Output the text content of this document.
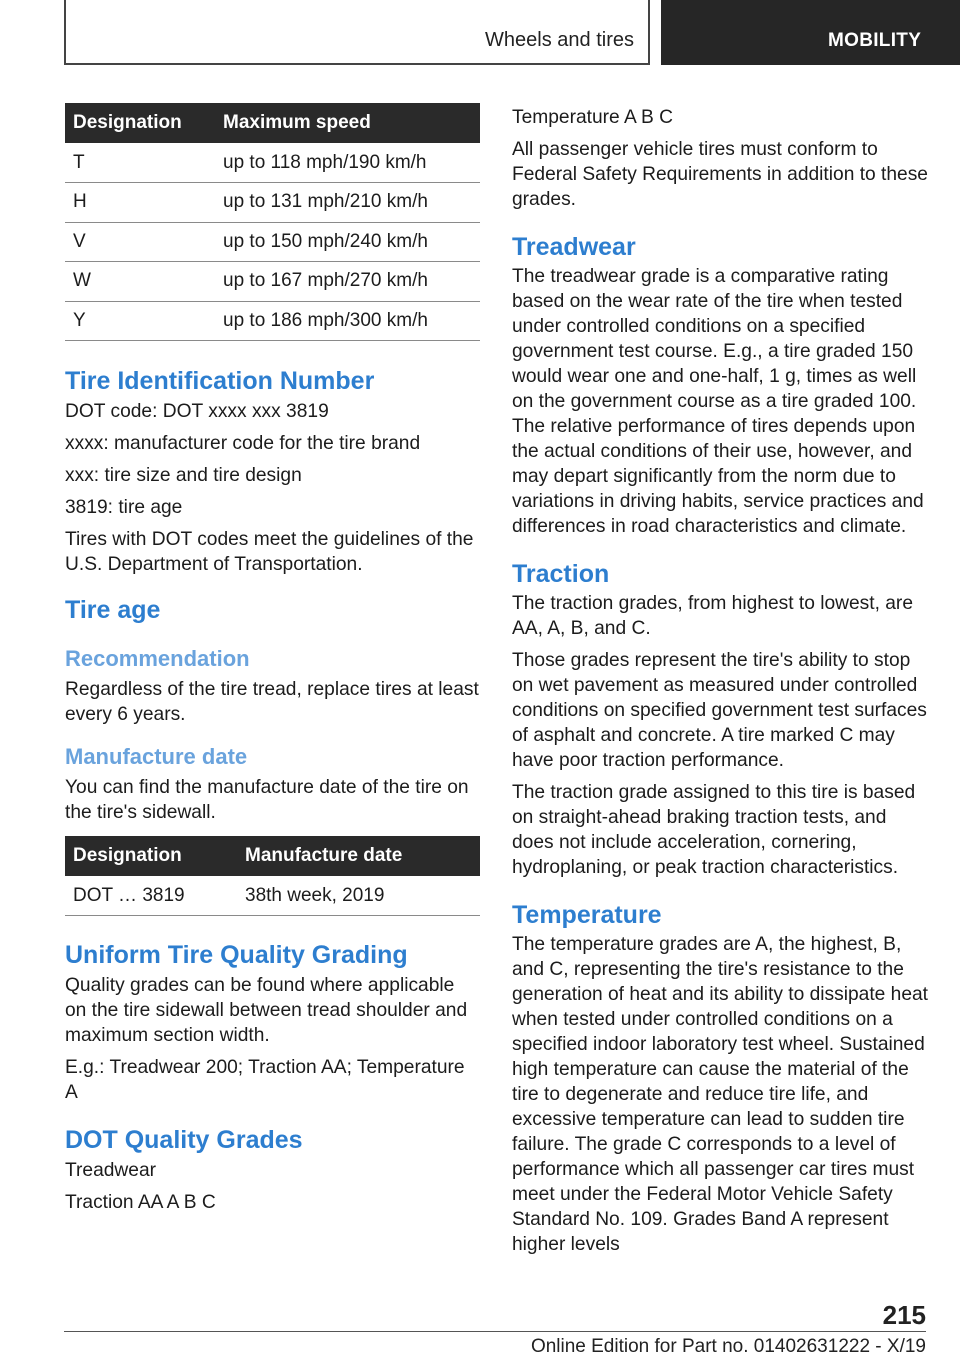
Wheels and tires	MOBILITY
Designation	Maximum speed
T	up to 118 mph/190 km/h
H	up to 131 mph/210 km/h
V	up to 150 mph/240 km/h
W	up to 167 mph/270 km/h
Y	up to 186 mph/300 km/h
Tire Identification Number

DOT code: DOT xxxx xxx 3819

xxxx: manufacturer code for the tire brand

xxx: tire size and tire design

3819: tire age

Tires with DOT codes meet the guidelines of the U.S. Department of Transportation.

Tire age
Recommendation

Regardless of the tire tread, replace tires at least every 6 years.

Manufacture date

You can find the manufacture date of the tire on the tire's sidewall.

Designation	Manufacture date
DOT … 3819	38th week, 2019
Uniform Tire Quality Grading

Quality grades can be found where applicable on the tire sidewall between tread shoulder and maximum section width.

E.g.: Treadwear 200; Traction AA; Temperature A

DOT Quality Grades

Treadwear

Traction AA A B C

Temperature A B C

All passenger vehicle tires must conform to Federal Safety Requirements in addition to these grades.

Treadwear

The treadwear grade is a comparative rating based on the wear rate of the tire when tested under controlled conditions on a specified government test course. E.g., a tire graded 150 would wear one and one-half, 1 g, times as well on the government course as a tire graded 100. The relative performance of tires depends upon the actual conditions of their use, however, and may depart significantly from the norm due to variations in driving habits, service practices and differences in road characteristics and climate.

Traction

The traction grades, from highest to lowest, are AA, A, B, and C.

Those grades represent the tire's ability to stop on wet pavement as measured under controlled conditions on specified government test surfaces of asphalt and concrete. A tire marked C may have poor traction performance.

The traction grade assigned to this tire is based on straight-ahead braking traction tests, and does not include acceleration, cornering, hydroplaning, or peak traction characteristics.

Temperature

The temperature grades are A, the highest, B, and C, representing the tire's resistance to the generation of heat and its ability to dissipate heat when tested under controlled conditions on a specified indoor laboratory test wheel. Sustained high temperature can cause the material of the tire to degenerate and reduce tire life, and excessive temperature can lead to sudden tire failure. The grade C corresponds to a level of performance which all passenger car tires must meet under the Federal Motor Vehicle Safety Standard No. 109. Grades Band A represent higher levels

215
Online Edition for Part no. 01402631222 - X/19
